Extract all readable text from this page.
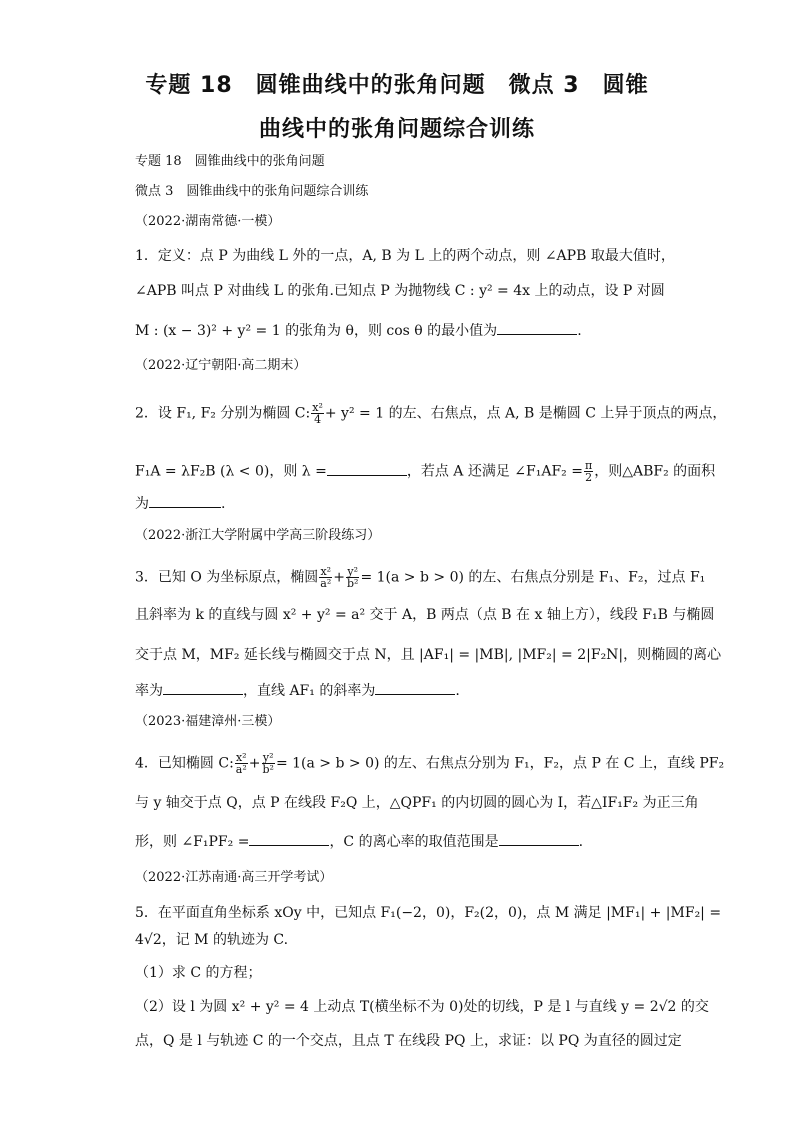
专题 18　圆锥曲线中的张角问题　微点 3　圆锥
曲线中的张角问题综合训练
专题 18　圆锥曲线中的张角问题
微点 3　圆锥曲线中的张角问题综合训练
（2022·湖南常德·一模）
1．定义：点 P 为曲线 L 外的一点，A, B 为 L 上的两个动点，则 ∠APB 取最大值时，
∠APB 叫点 P 对曲线 L 的张角.已知点 P 为抛物线 C : y² = 4x 上的动点，设 P 对圆
M : (x − 3)² + y² = 1 的张角为 θ，则 cos θ 的最小值为	.
（2022·辽宁朝阳·高二期末）
2．设 F₁, F₂ 分别为椭圆 C: $\frac{\text{x²}}{4} + y^2 = 1$ 的左、右焦点，点 A, B 是椭圆 C 上异于顶点的两点，
F₁A = λF₂B (λ < 0)，则 λ =	，若点 A 还满足 ∠F₁AF₂ = $\frac{\pi}{2}$ ，则△ABF₂ 的面积
为	.
（2022·浙江大学附属中学高三阶段练习）
3．已知 O 为坐标原点，椭圆 $\frac{\text{x²}}{\text{a²}} + \frac{\text{y²}}{\text{b²}} = 1(a > b > 0)$ 的左、右焦点分别是 F₁、F₂，过点 F₁
且斜率为 k 的直线与圆 x² + y² = a² 交于 A，B 两点（点 B 在 x 轴上方），线段 F₁B 与椭圆
交于点 M，MF₂ 延长线与椭圆交于点 N，且 |AF₁| = |MB|, |MF₂| = 2|F₂N|，则椭圆的离心
率为	，直线 AF₁ 的斜率为	.
（2023·福建漳州·三模）
4．已知椭圆 C: $\frac{\text{x²}}{\text{a²}} + \frac{\text{y²}}{\text{b²}} = 1(a > b > 0)$ 的左、右焦点分别为 F₁，F₂，点 P 在 C 上，直线 PF₂
与 y 轴交于点 Q，点 P 在线段 F₂Q 上，△QPF₁ 的内切圆的圆心为 I，若△IF₁F₂ 为正三角
形，则 ∠F₁PF₂ =	，C 的离心率的取值范围是	.
（2022·江苏南通·高三开学考试）
5．在平面直角坐标系 xOy 中，已知点 F₁(−2，0)，F₂(2，0)，点 M 满足 |MF₁| + |MF₂| =
4√2，记 M 的轨迹为 C.
（1）求 C 的方程；
（2）设 l 为圆 x² + y² = 4 上动点 T(横坐标不为 0)处的切线，P 是 l 与直线 y = 2√2 的交
点，Q 是 l 与轨迹 C 的一个交点，且点 T 在线段 PQ 上，求证：以 PQ 为直径的圆过定
